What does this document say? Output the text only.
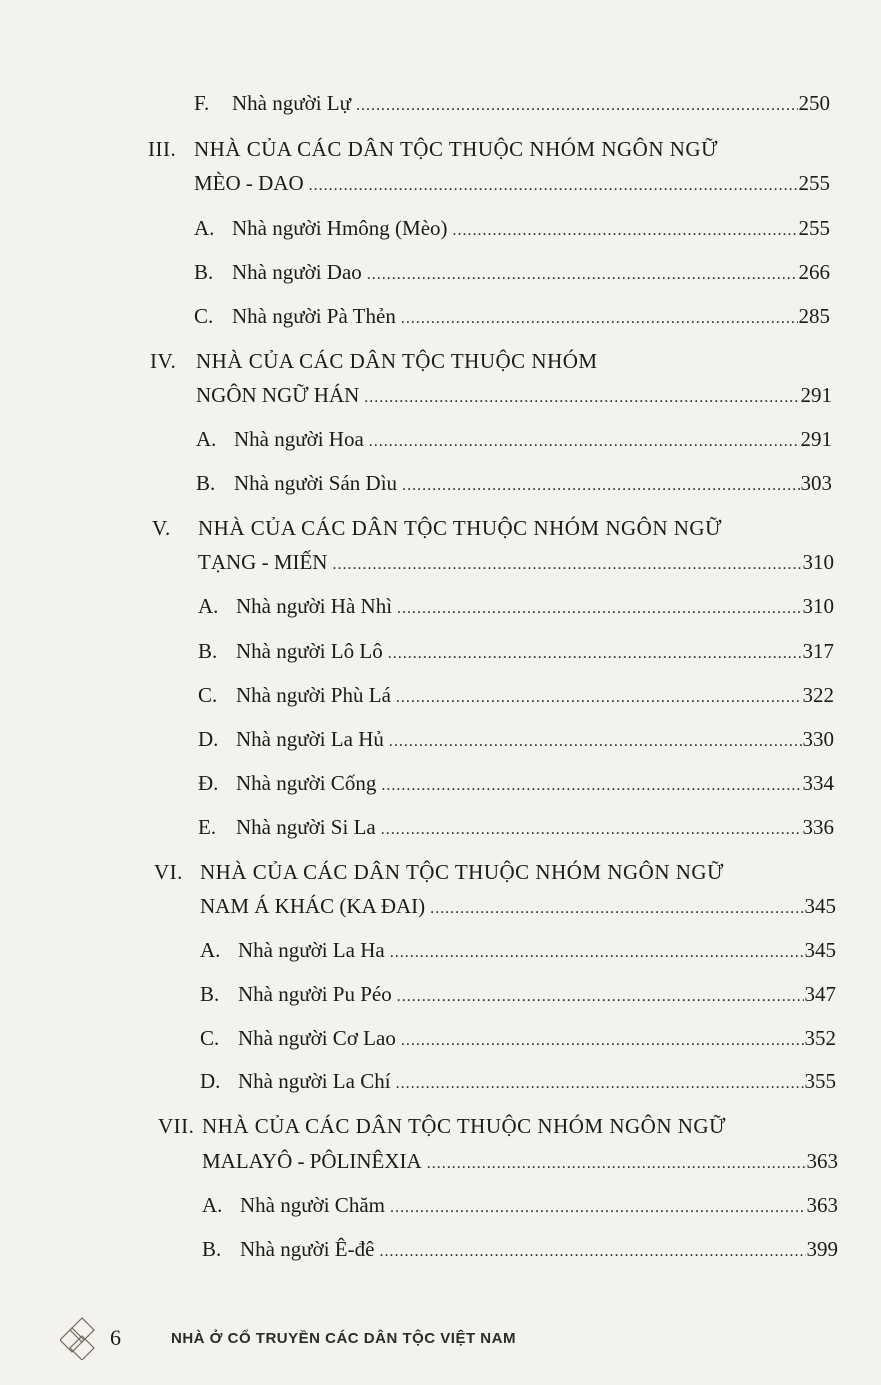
F.	Nhà người Lự .....	250
III. NHÀ CỦA CÁC DÂN TỘC THUỘC NHÓM NGÔN NGỮ
MÈO - DAO .....	255
A. Nhà người Hmông (Mèo) .....	255
B. Nhà người Dao .....	266
C. Nhà người Pà Thẻn .....	285
IV. NHÀ CỦA CÁC DÂN TỘC THUỘC NHÓM
NGÔN NGỮ HÁN .....	291
A. Nhà người Hoa .....	291
B. Nhà người Sán Dìu .....	303
V. NHÀ CỦA CÁC DÂN TỘC THUỘC NHÓM NGÔN NGỮ
TẠNG - MIẾN .....	310
A. Nhà người Hà Nhì .....	310
B. Nhà người Lô Lô .....	317
C. Nhà người Phù Lá .....	322
D. Nhà người La Hủ .....	330
Đ. Nhà người Cống .....	334
E. Nhà người Si La .....	336
VI. NHÀ CỦA CÁC DÂN TỘC THUỘC NHÓM NGÔN NGỮ
NAM Á KHÁC (KA ĐAI) .....	345
A. Nhà người La Ha .....	345
B. Nhà người Pu Péo .....	347
C. Nhà người Cơ Lao .....	352
D. Nhà người La Chí .....	355
VII. NHÀ CỦA CÁC DÂN TỘC THUỘC NHÓM NGÔN NGỮ
MALAYÔ - PÔLINÊXIA .....	363
A. Nhà người Chăm .....	363
B. Nhà người Ê-đê .....	399
6	NHÀ Ở CỔ TRUYỀN CÁC DÂN TỘC VIỆT NAM
